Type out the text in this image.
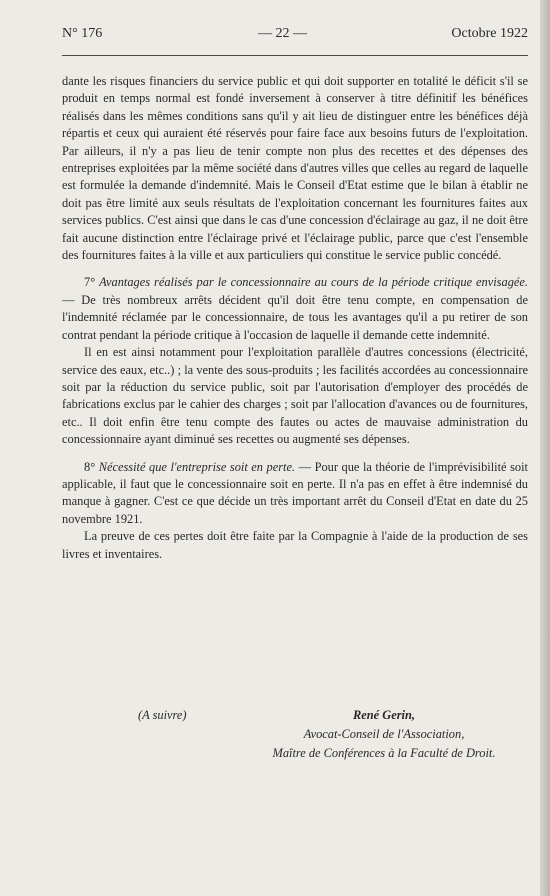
N° 176	— 22 —	Octobre 1922

dante les risques financiers du service public et qui doit supporter en totalité le déficit s'il se produit en temps normal est fondé inversement à conserver à titre définitif les bénéfices réalisés dans les mêmes conditions sans qu'il y ait lieu de distinguer entre les bénéfices déjà répartis et ceux qui auraient été réservés pour faire face aux besoins futurs de l'exploitation. Par ailleurs, il n'y a pas lieu de tenir compte non plus des recettes et des dépenses des entreprises exploitées par la même société dans d'autres villes que celles au regard de laquelle est formulée la demande d'indemnité. Mais le Conseil d'Etat estime que le bilan à établir ne doit pas être limité aux seuls résultats de l'exploitation concernant les fournitures faites aux services publics. C'est ainsi que dans le cas d'une concession d'éclairage au gaz, il ne doit être fait aucune distinction entre l'éclairage privé et l'éclairage public, parce que c'est l'ensemble des fournitures faites à la ville et aux particuliers qui constitue le service public concédé.

7° Avantages réalisés par le concessionnaire au cours de la période critique envisagée. — De très nombreux arrêts décident qu'il doit être tenu compte, en compensation de l'indemnité réclamée par le concessionnaire, de tous les avantages qu'il a pu retirer de son contrat pendant la période critique à l'occasion de laquelle il demande cette indemnité.

Il en est ainsi notamment pour l'exploitation parallèle d'autres concessions (électricité, service des eaux, etc..) ; la vente des sous-produits ; les facilités accordées au concessionnaire soit par la réduction du service public, soit par l'autorisation d'employer des procédés de fabrications exclus par le cahier des charges ; soit par l'allocation d'avances ou de fournitures, etc.. Il doit enfin être tenu compte des fautes ou actes de mauvaise administration du concessionnaire ayant diminué ses recettes ou augmenté ses dépenses.

8° Nécessité que l'entreprise soit en perte. — Pour que la théorie de l'imprévisibilité soit applicable, il faut que le concessionnaire soit en perte. Il n'a pas en effet à être indemnisé du manque à gagner. C'est ce que décide un très important arrêt du Conseil d'Etat en date du 25 novembre 1921.

La preuve de ces pertes doit être faite par la Compagnie à l'aide de la production de ses livres et inventaires.

(A suivre)	René Gerin,
Avocat-Conseil de l'Association,
Maître de Conférences à la Faculté de Droit.
